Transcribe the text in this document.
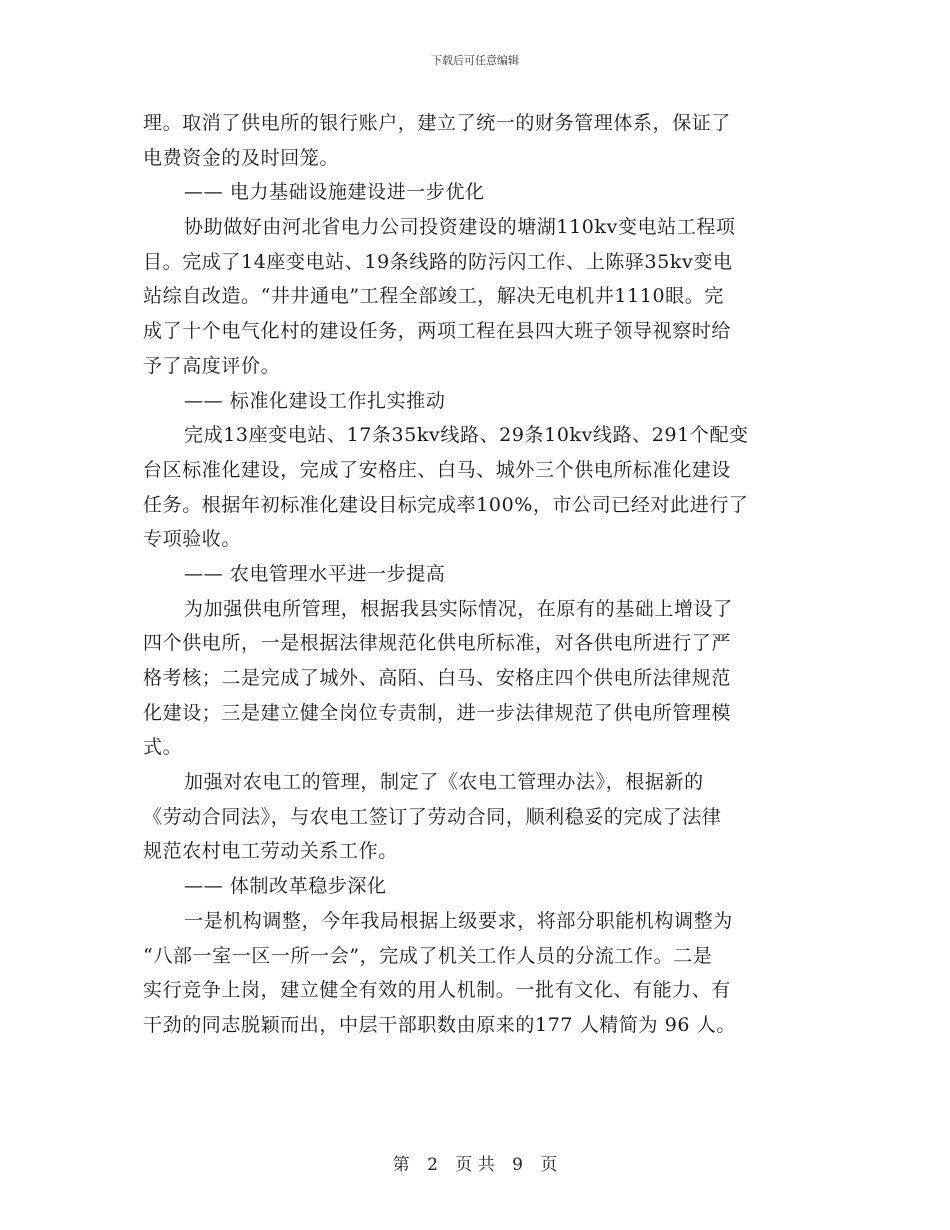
下载后可任意编辑
理。取消了供电所的银行账户，建立了统一的财务管理体系，保证了
电费资金的及时回笼。
—— 电力基础设施建设进一步优化
协助做好由河北省电力公司投资建设的塘湖110kv变电站工程项
目。完成了14座变电站、19条线路的防污闪工作、上陈驿35kv变电
站综自改造。“井井通电”工程全部竣工，解决无电机井1110眼。完
成了十个电气化村的建设任务，两项工程在县四大班子领导视察时给
予了高度评价。
—— 标准化建设工作扎实推动
完成13座变电站、17条35kv线路、29条10kv线路、291个配变
台区标准化建设，完成了安格庄、白马、城外三个供电所标准化建设
任务。根据年初标准化建设目标完成率100%，市公司已经对此进行了
专项验收。
—— 农电管理水平进一步提高
为加强供电所管理，根据我县实际情况，在原有的基础上增设了
四个供电所，一是根据法律规范化供电所标准，对各供电所进行了严
格考核；二是完成了城外、高陌、白马、安格庄四个供电所法律规范
化建设；三是建立健全岗位专责制，进一步法律规范了供电所管理模
式。
加强对农电工的管理，制定了《农电工管理办法》，根据新的
《劳动合同法》，与农电工签订了劳动合同，顺利稳妥的完成了法律
规范农村电工劳动关系工作。
—— 体制改革稳步深化
一是机构调整，今年我局根据上级要求，将部分职能机构调整为
“八部一室一区一所一会”，完成了机关工作人员的分流工作。二是
实行竞争上岗，建立健全有效的用人机制。一批有文化、有能力、有
干劲的同志脱颖而出，中层干部职数由原来的177 人精简为 96 人。
第 2 页 共 9 页
